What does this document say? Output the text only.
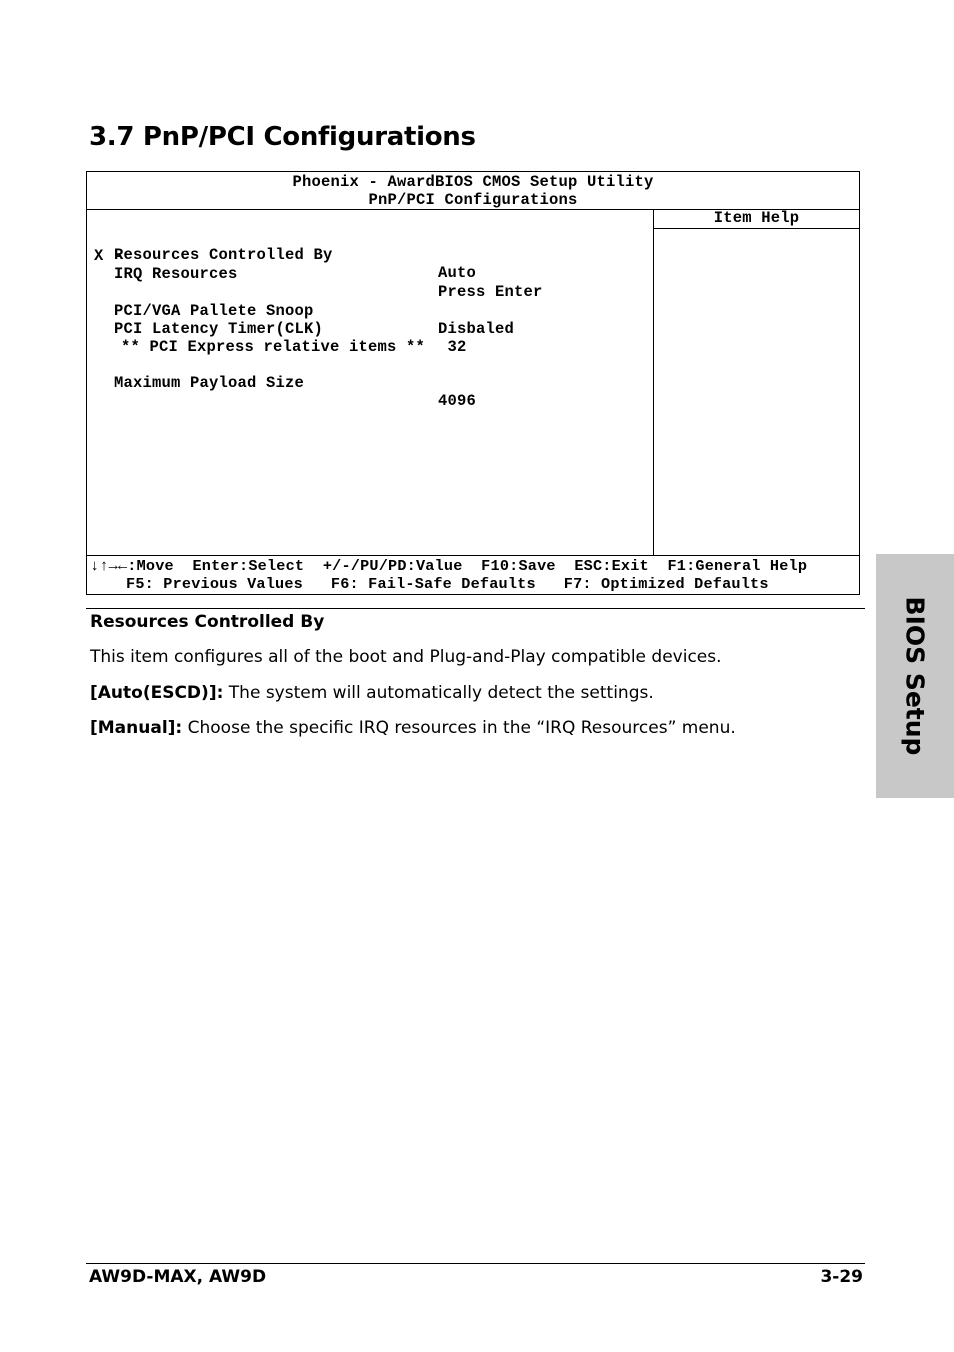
3.7 PnP/PCI Configurations
Phoenix - AwardBIOS CMOS Setup Utility
PnP/PCI Configurations

Resources Controlled By

Auto

X -

IRQ Resources

Press Enter

PCI/VGA Pallete Snoop

Disbaled

PCI Latency Timer(CLK)

32

** PCI Express relative items **

Maximum Payload Size

4096

Item Help
↓↑→←:Move  Enter:Select  +/-/PU/PD:Value  F10:Save  ESC:Exit  F1:General Help
F5: Previous Values   F6: Fail-Safe Defaults   F7: Optimized Defaults
Resources Controlled By
This item configures all of the boot and Plug-and-Play compatible devices.
[Auto(ESCD)]: The system will automatically detect the settings.
[Manual]: Choose the specific IRQ resources in the “IRQ Resources” menu.	BIOS Setup
AW9D-MAX, AW9D	3-29
